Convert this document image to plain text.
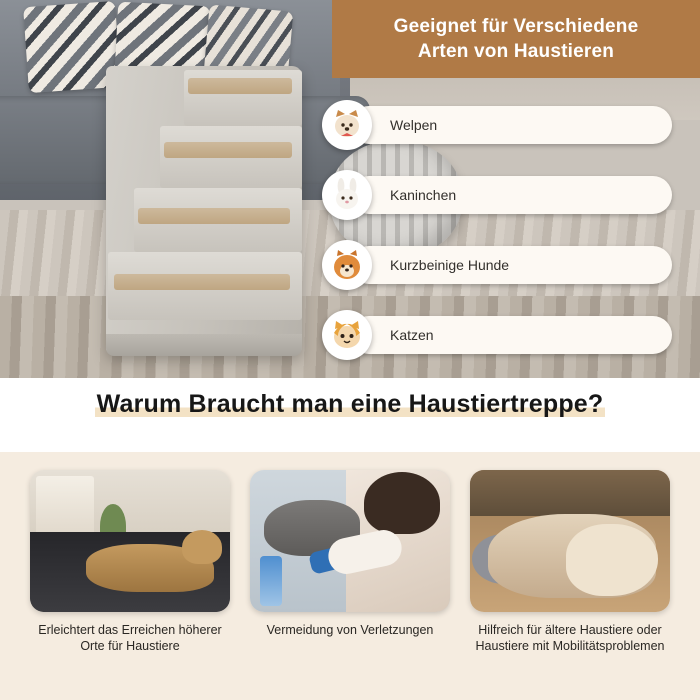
Geeignet für Verschiedene
Arten von Haustieren
Welpen
Kaninchen
Kurzbeinige Hunde
Katzen
Warum Braucht man eine Haustiertreppe?
Erleichtert das Erreichen höherer Orte für Haustiere
Vermeidung von Verletzungen	Hilfreich für ältere Haustiere oder Haustiere mit Mobilitätsproblemen
